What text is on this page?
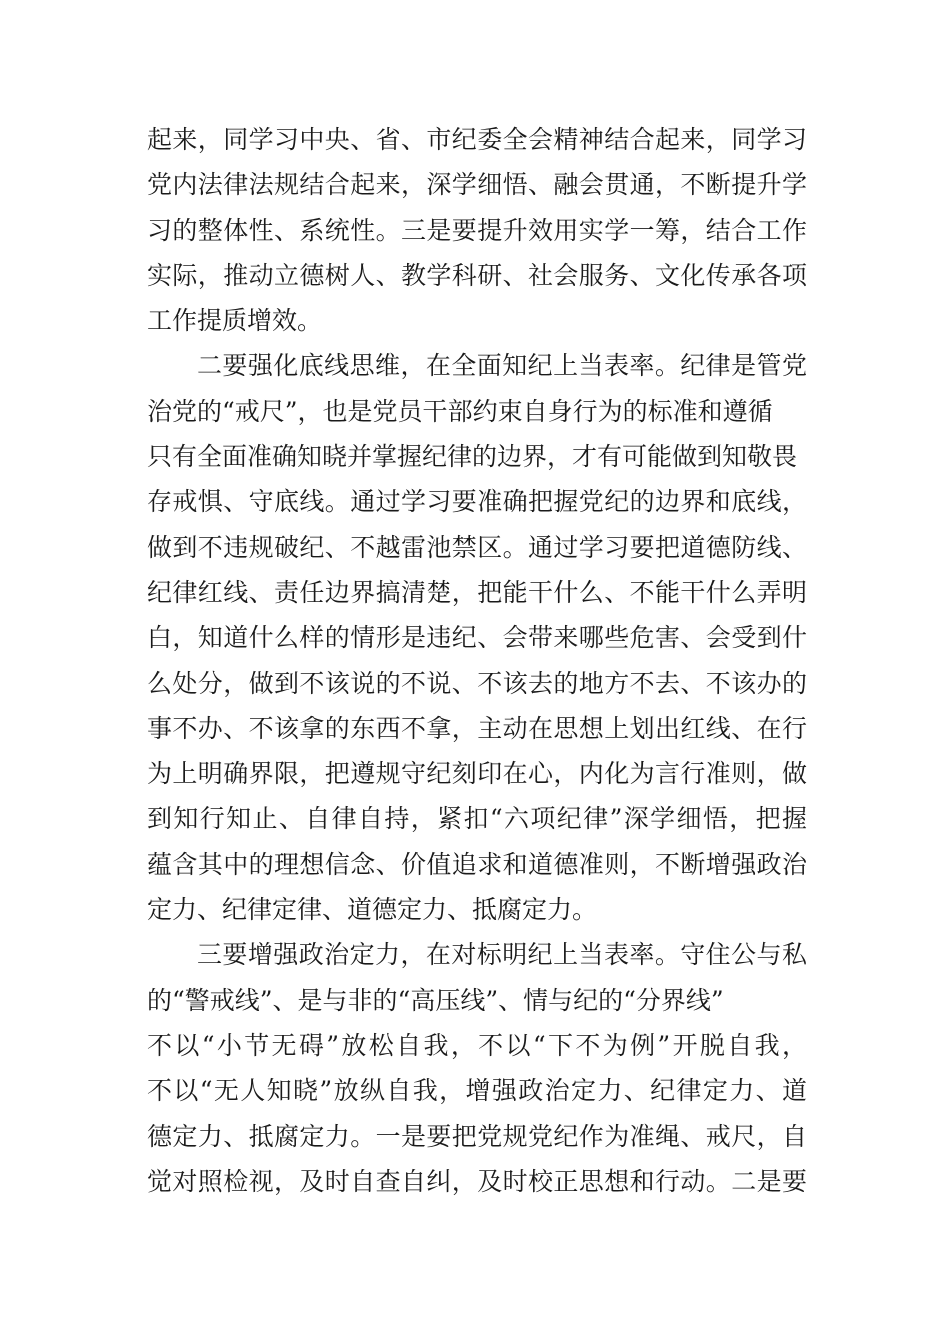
起来，同学习中央、省、市纪委全会精神结合起来，同学习
党内法律法规结合起来，深学细悟、融会贯通，不断提升学
习的整体性、系统性。三是要提升效用实学一筹，结合工作
实际，推动立德树人、教学科研、社会服务、文化传承各项
工作提质增效。
二要强化底线思维，在全面知纪上当表率。纪律是管党
治党的“戒尺”，也是党员干部约束自身行为的标准和遵循
只有全面准确知晓并掌握纪律的边界，才有可能做到知敬畏
存戒惧、守底线。通过学习要准确把握党纪的边界和底线，
做到不违规破纪、不越雷池禁区。通过学习要把道德防线、
纪律红线、责任边界搞清楚，把能干什么、不能干什么弄明
白，知道什么样的情形是违纪、会带来哪些危害、会受到什
么处分，做到不该说的不说、不该去的地方不去、不该办的
事不办、不该拿的东西不拿，主动在思想上划出红线、在行
为上明确界限，把遵规守纪刻印在心，内化为言行准则，做
到知行知止、自律自持，紧扣“六项纪律”深学细悟，把握
蕴含其中的理想信念、价值追求和道德准则，不断增强政治
定力、纪律定律、道德定力、抵腐定力。
三要增强政治定力，在对标明纪上当表率。守住公与私
的“警戒线”、是与非的“高压线”、情与纪的“分界线”
不以“小节无碍”放松自我，不以“下不为例”开脱自我，
不以“无人知晓”放纵自我，增强政治定力、纪律定力、道
德定力、抵腐定力。一是要把党规党纪作为准绳、戒尺，自
觉对照检视，及时自查自纠，及时校正思想和行动。二是要
